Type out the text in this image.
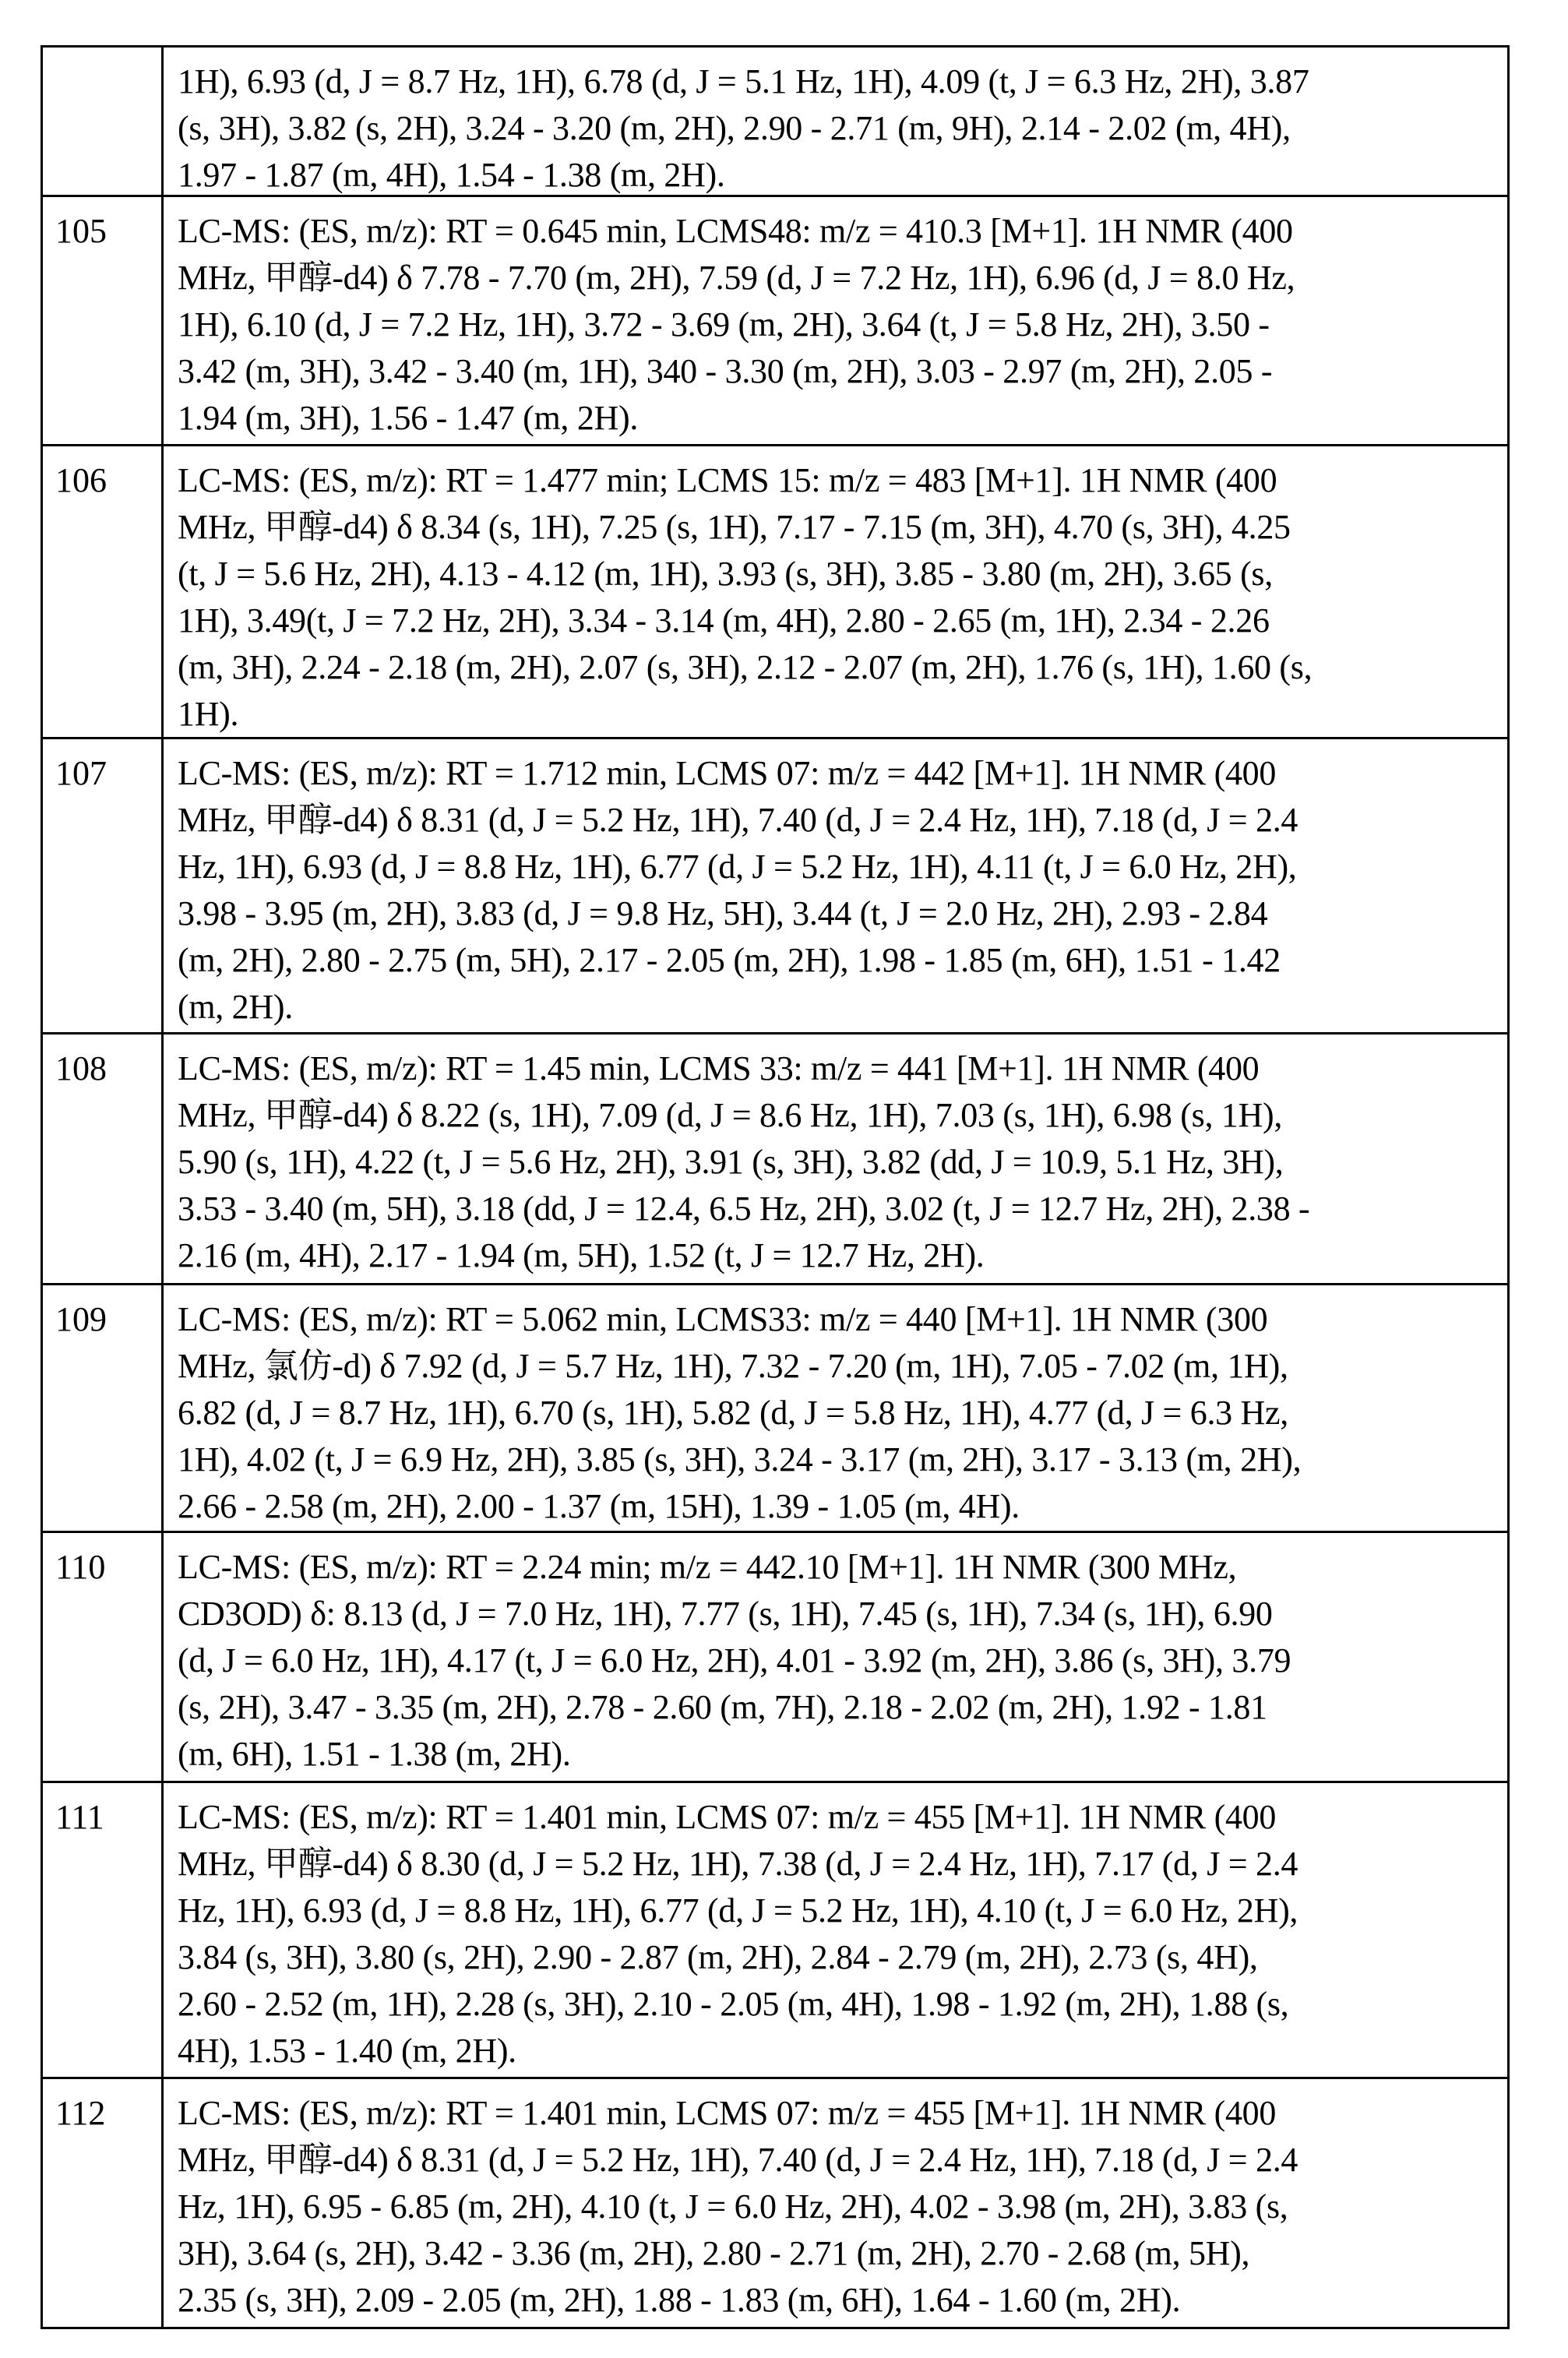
1H), 6.93 (d, J = 8.7 Hz, 1H), 6.78 (d, J = 5.1 Hz, 1H), 4.09 (t, J = 6.3 Hz, 2H), 3.87
(s, 3H), 3.82 (s, 2H), 3.24 - 3.20 (m, 2H), 2.90 - 2.71 (m, 9H), 2.14 - 2.02 (m, 4H),
1.97 - 1.87 (m, 4H), 1.54 - 1.38 (m, 2H).
105	LC-MS: (ES, m/z): RT = 0.645 min, LCMS48: m/z = 410.3 [M+1]. 1H NMR (400
MHz, 甲醇-d4) δ 7.78 - 7.70 (m, 2H), 7.59 (d, J = 7.2 Hz, 1H), 6.96 (d, J = 8.0 Hz,
1H), 6.10 (d, J = 7.2 Hz, 1H), 3.72 - 3.69 (m, 2H), 3.64 (t, J = 5.8 Hz, 2H), 3.50 -
3.42 (m, 3H), 3.42 - 3.40 (m, 1H), 340 - 3.30 (m, 2H), 3.03 - 2.97 (m, 2H), 2.05 -
1.94 (m, 3H), 1.56 - 1.47 (m, 2H).
106	LC-MS: (ES, m/z): RT = 1.477 min; LCMS 15: m/z = 483 [M+1]. 1H NMR (400
MHz, 甲醇-d4) δ 8.34 (s, 1H), 7.25 (s, 1H), 7.17 - 7.15 (m, 3H), 4.70 (s, 3H), 4.25
(t, J = 5.6 Hz, 2H), 4.13 - 4.12 (m, 1H), 3.93 (s, 3H), 3.85 - 3.80 (m, 2H), 3.65 (s,
1H), 3.49(t, J = 7.2 Hz, 2H), 3.34 - 3.14 (m, 4H), 2.80 - 2.65 (m, 1H), 2.34 - 2.26
(m, 3H), 2.24 - 2.18 (m, 2H), 2.07 (s, 3H), 2.12 - 2.07 (m, 2H), 1.76 (s, 1H), 1.60 (s,
1H).
107	LC-MS: (ES, m/z): RT = 1.712 min, LCMS 07: m/z = 442 [M+1]. 1H NMR (400
MHz, 甲醇-d4) δ 8.31 (d, J = 5.2 Hz, 1H), 7.40 (d, J = 2.4 Hz, 1H), 7.18 (d, J = 2.4
Hz, 1H), 6.93 (d, J = 8.8 Hz, 1H), 6.77 (d, J = 5.2 Hz, 1H), 4.11 (t, J = 6.0 Hz, 2H),
3.98 - 3.95 (m, 2H), 3.83 (d, J = 9.8 Hz, 5H), 3.44 (t, J = 2.0 Hz, 2H), 2.93 - 2.84
(m, 2H), 2.80 - 2.75 (m, 5H), 2.17 - 2.05 (m, 2H), 1.98 - 1.85 (m, 6H), 1.51 - 1.42
(m, 2H).
108	LC-MS: (ES, m/z): RT = 1.45 min, LCMS 33: m/z = 441 [M+1]. 1H NMR (400
MHz, 甲醇-d4) δ 8.22 (s, 1H), 7.09 (d, J = 8.6 Hz, 1H), 7.03 (s, 1H), 6.98 (s, 1H),
5.90 (s, 1H), 4.22 (t, J = 5.6 Hz, 2H), 3.91 (s, 3H), 3.82 (dd, J = 10.9, 5.1 Hz, 3H),
3.53 - 3.40 (m, 5H), 3.18 (dd, J = 12.4, 6.5 Hz, 2H), 3.02 (t, J = 12.7 Hz, 2H), 2.38 -
2.16 (m, 4H), 2.17 - 1.94 (m, 5H), 1.52 (t, J = 12.7 Hz, 2H).
109	LC-MS: (ES, m/z): RT = 5.062 min, LCMS33: m/z = 440 [M+1]. 1H NMR (300
MHz, 氯仿-d) δ 7.92 (d, J = 5.7 Hz, 1H), 7.32 - 7.20 (m, 1H), 7.05 - 7.02 (m, 1H),
6.82 (d, J = 8.7 Hz, 1H), 6.70 (s, 1H), 5.82 (d, J = 5.8 Hz, 1H), 4.77 (d, J = 6.3 Hz,
1H), 4.02 (t, J = 6.9 Hz, 2H), 3.85 (s, 3H), 3.24 - 3.17 (m, 2H), 3.17 - 3.13 (m, 2H),
2.66 - 2.58 (m, 2H), 2.00 - 1.37 (m, 15H), 1.39 - 1.05 (m, 4H).
110	LC-MS: (ES, m/z): RT = 2.24 min; m/z = 442.10 [M+1]. 1H NMR (300 MHz,
CD3OD) δ: 8.13 (d, J = 7.0 Hz, 1H), 7.77 (s, 1H), 7.45 (s, 1H), 7.34 (s, 1H), 6.90
(d, J = 6.0 Hz, 1H), 4.17 (t, J = 6.0 Hz, 2H), 4.01 - 3.92 (m, 2H), 3.86 (s, 3H), 3.79
(s, 2H), 3.47 - 3.35 (m, 2H), 2.78 - 2.60 (m, 7H), 2.18 - 2.02 (m, 2H), 1.92 - 1.81
(m, 6H), 1.51 - 1.38 (m, 2H).
111	LC-MS: (ES, m/z): RT = 1.401 min, LCMS 07: m/z = 455 [M+1]. 1H NMR (400
MHz, 甲醇-d4) δ 8.30 (d, J = 5.2 Hz, 1H), 7.38 (d, J = 2.4 Hz, 1H), 7.17 (d, J = 2.4
Hz, 1H), 6.93 (d, J = 8.8 Hz, 1H), 6.77 (d, J = 5.2 Hz, 1H), 4.10 (t, J = 6.0 Hz, 2H),
3.84 (s, 3H), 3.80 (s, 2H), 2.90 - 2.87 (m, 2H), 2.84 - 2.79 (m, 2H), 2.73 (s, 4H),
2.60 - 2.52 (m, 1H), 2.28 (s, 3H), 2.10 - 2.05 (m, 4H), 1.98 - 1.92 (m, 2H), 1.88 (s,
4H), 1.53 - 1.40 (m, 2H).
112	LC-MS: (ES, m/z): RT = 1.401 min, LCMS 07: m/z = 455 [M+1]. 1H NMR (400
MHz, 甲醇-d4) δ 8.31 (d, J = 5.2 Hz, 1H), 7.40 (d, J = 2.4 Hz, 1H), 7.18 (d, J = 2.4
Hz, 1H), 6.95 - 6.85 (m, 2H), 4.10 (t, J = 6.0 Hz, 2H), 4.02 - 3.98 (m, 2H), 3.83 (s,
3H), 3.64 (s, 2H), 3.42 - 3.36 (m, 2H), 2.80 - 2.71 (m, 2H), 2.70 - 2.68 (m, 5H),
2.35 (s, 3H), 2.09 - 2.05 (m, 2H), 1.88 - 1.83 (m, 6H), 1.64 - 1.60 (m, 2H).
